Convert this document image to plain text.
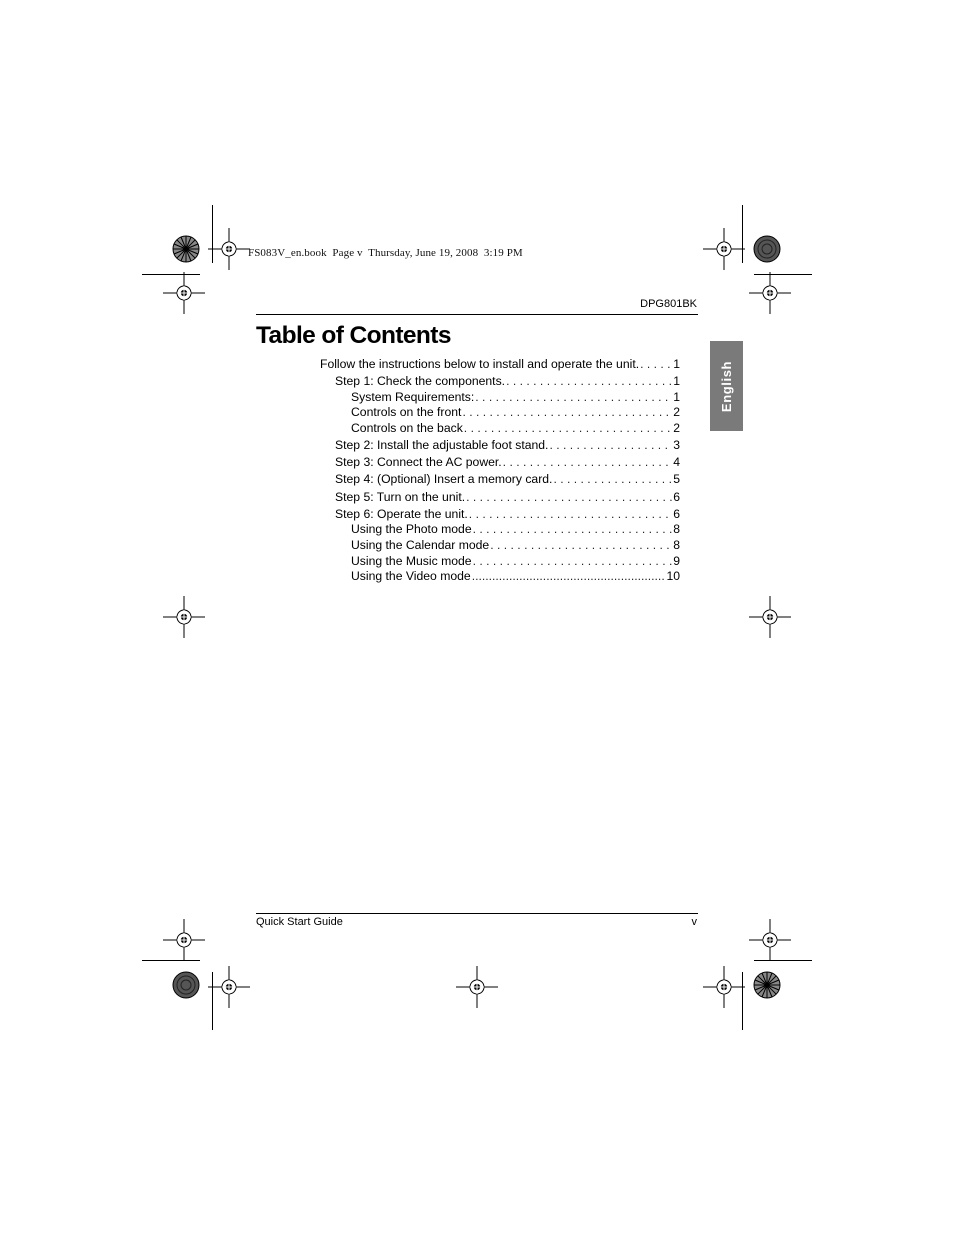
FS083V_en.book  Page v  Thursday, June 19, 2008  3:19 PM
DPG801BK
Table of Contents
English
Follow the instructions below to install and operate the unit. . . .	1
Step 1: Check the components. . . .	1
System Requirements: . . .	1
Controls on the front . . .	2
Controls on the back . . .	2
Step 2: Install the adjustable foot stand. . . .	3
Step 3: Connect the AC power. . . .	4
Step 4: (Optional) Insert a memory card. . . .	5
Step 5: Turn on the unit. . . .	6
Step 6: Operate the unit. . . .	6
Using the Photo mode . . .	8
Using the Calendar mode . . .	8
Using the Music mode . . .	9
Using the Video mode .....	10
Quick Start Guide	v
